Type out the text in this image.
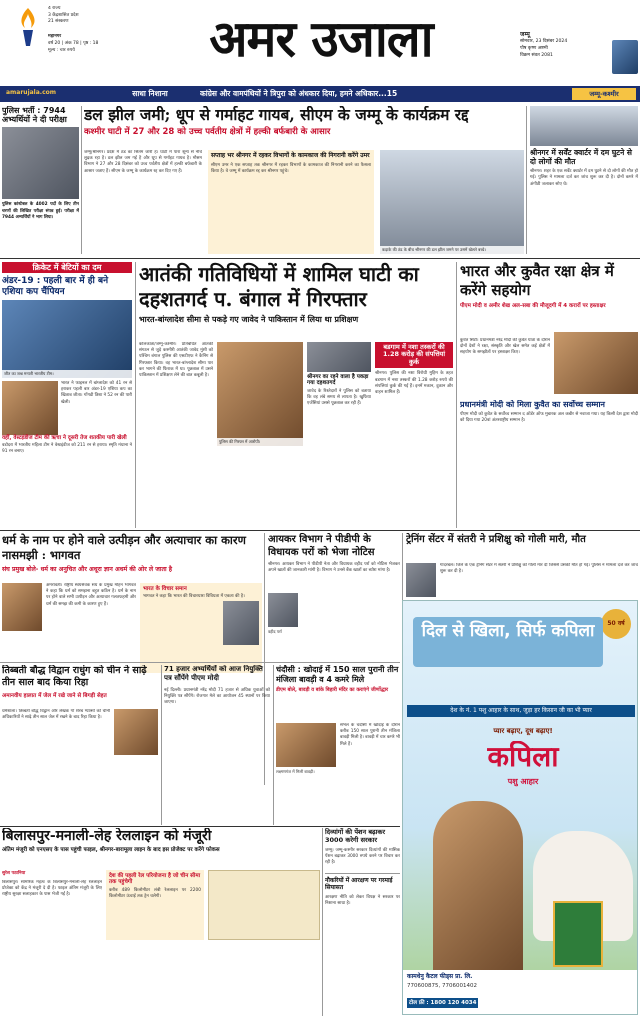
4 राज्य
3 केंद्रशासित प्रदेश
21 संस्करण
महानगर
वर्ष 20 | अंक 78 | पृष्ठ : 18
मूल्य : चार रुपये	अमर उजाला	जम्मू
सोमवार, 23 दिसंबर 2024
पौष कृष्ण अष्टमी
विक्रम संवत 2081
amarujala.com	साधा निशाना	कांग्रेस और वामपंथियों ने त्रिपुरा को अंधकार दिया, हमने अधिकार...15	जम्मू-कश्मीर
पुलिस भर्ती : 7944 अभ्यर्थियों ने दी परीक्षा
पुलिस कांस्टेबल के 4002 पदों के लिए तीन चरणों की लिखित परीक्षा संपन्न हुई। परीक्षा में 7944 अभ्यर्थियों ने भाग लिया।
डल झील जमी; धूप से गर्माहट गायब, सीएम के जम्मू के कार्यक्रम रद्द
कश्मीर घाटी में 27 और 28 को उच्च पर्वतीय क्षेत्रों में हल्की बर्फबारी के आसार
जम्मू/श्रीनगर। प्रदेश में ठंड का सितम जारी है। घाटी में पारा शून्य से नीचे लुढ़क रहा है। डल झील जम गई है और धूप से गर्माहट गायब है। मौसम विभाग ने 27 और 28 दिसंबर को उच्च पर्वतीय क्षेत्रों में हल्की बर्फबारी के आसार जताए हैं। सीएम के जम्मू के कार्यक्रम रद्द कर दिए गए हैं।
सप्ताह भर श्रीनगर में रहकर विभागों के कामकाज की निगरानी करेंगे उमर
सीएम उमर ने एक सप्ताह तक श्रीनगर में रहकर विभागों के कामकाज की निगरानी करने का फैसला किया है। वे जम्मू में कार्यक्रम रद्द कर श्रीनगर पहुंचे।
कड़ाके की ठंड के बीच श्रीनगर की डल झील जमने पर उसमें खेलते बच्चे।
श्रीनगर में सर्वेंट क्वार्टर में दम घुटने से दो लोगों की मौत
श्रीनगर। शहर के एक सर्वेंट क्वार्टर में दम घुटने से दो लोगों की मौत हो गई। पुलिस ने मामला दर्ज कर जांच शुरू कर दी है। दोनों कमरे में अंगीठी जलाकर सोए थे।
क्रिकेट में बेटियों का दम
अंडर-19 : पहली बार में ही बने एशिया कप चैंपियन
जीत का जश्न मनाती भारतीय टीम।
भारत ने फाइनल में बांग्लादेश को 41 रन से हराकर पहली बार अंडर-19 एशिया कप का खिताब जीता। गोंगडी त्रिशा ने 52 रन की पारी खेली।
वहीं, वेस्टइंडीज टीम की ऋचा ने दूसरी तेज शतकीय पारी खेली
वडोदरा में भारतीय महिला टीम ने वेस्टइंडीज को 211 रन से हराया। स्मृति मंधाना ने 91 रन बनाए।
आतंकी गतिविधियों में शामिल घाटी का दहशतगर्द प. बंगाल में गिरफ्तार
भारत-बांग्लादेश सीमा से पकड़े गए जावेद ने पाकिस्तान में लिया था प्रशिक्षण
कोलकाता/जम्मू-कश्मीर। प्रतिबंधित आतंकी संगठन से जुड़े कश्मीरी आतंकी जावेद मुंशी को पश्चिम बंगाल पुलिस की एसटीएफ ने कैनिंग से गिरफ्तार किया। वह भारत-बांग्लादेश सीमा पार कर भागने की फिराक में था। पूछताछ में उसने पाकिस्तान में प्रशिक्षण लेने की बात कबूली है।
पुलिस की गिरफ्त में आरोपी।
श्रीनगर का रहने वाला है पकड़ा गया दहशतगर्द
जावेद के रिश्तेदारों ने पुलिस को बताया कि वह लंबे समय से लापता है। खुफिया एजेंसियां उससे पूछताछ कर रही हैं।
बडगाम में नशा तस्करों की 1.28 करोड़ की संपत्तियां कुर्क
श्रीनगर। पुलिस की नशा विरोधी मुहिम के तहत बडगाम में नशा तस्करों की 1.28 करोड़ रुपये की संपत्तियां कुर्क की गई हैं। इनमें मकान, दुकान और वाहन शामिल हैं।
भारत और कुवैत रक्षा क्षेत्र में करेंगे सहयोग
पीएम मोदी व अमीर शेख अल-सबा की मौजूदगी में 4 करारों पर हस्ताक्षर
कुवैत सिटी। प्रधानमंत्री नरेंद्र मोदी की कुवैत यात्रा के दौरान दोनों देशों ने रक्षा, संस्कृति और खेल समेत कई क्षेत्रों में सहयोग के समझौतों पर हस्ताक्षर किए।
प्रधानमंत्री मोदी को मिला कुवैत का सर्वोच्च सम्मान
पीएम मोदी को कुवैत के सर्वोच्च सम्मान द ऑर्डर ऑफ मुबारक अल कबीर से नवाजा गया। यह किसी देश द्वारा मोदी को दिया गया 20वां अंतरराष्ट्रीय सम्मान है।
धर्म के नाम पर होने वाले उत्पीड़न और अत्याचार का कारण नासमझी : भागवत
संघ प्रमुख बोले- धर्म का अनुचित और अधूरा ज्ञान अधर्म की ओर ले जाता है
अमरावती। राष्ट्रीय स्वयंसेवक संघ के प्रमुख मोहन भागवत ने कहा कि धर्म को समझना बहुत कठिन है। धर्म के नाम पर होने वाले सभी उत्पीड़न और अत्याचार गलतफहमी और धर्म की समझ की कमी के कारण हुए हैं।
भारत के विचार समान
भागवत ने कहा कि भारत की विचारधारा विविधता में एकता की है।
आयकर विभाग ने पीडीपी के विधायक परों को भेजा नोटिस
श्रीनगर। आयकर विभाग ने पीडीपी नेता और विधायक वहीद पर्रा को नोटिस भेजकर अपने खातों की जानकारी मांगी है। विभाग ने उनसे बैंक खातों का ब्योरा मांगा है।
वहीद पर्रा
ट्रेनिंग सेंटर में संतरी ने प्रशिक्षु को गोली मारी, मौत
गांदरबल। जिले के एक ट्रेनिंग सेंटर में संतरी ने प्रशिक्षु को गोली मार दी जिससे उसकी मौत हो गई। पुलिस ने मामला दर्ज कर जांच शुरू कर दी है।
50 वर्ष
दिल से खिला, सिर्फ कपिला
देश के नं. 1 पशु आहार के साथ, जुड़ा हर किसान जी का भी प्यार
प्यार बढ़ाए, दूध बढ़ाए!
कपिला
पशु आहार
कामधेनु कैटल फीड्स प्रा. लि.
770600875, 7706001402
टोल फ्री : 1800 120 4034
तिब्बती बौद्ध विद्वान राधुंग को चीन ने साढ़े तीन साल बाद किया रिहा
अमानवीय हालात में जेल में रखे जाने से बिगड़ी सेहत
धर्मशाला। तिब्बती बौद्ध विद्वान और लेखक गो शेरब ग्यात्सो को चीनी अधिकारियों ने साढ़े तीन साल जेल में रखने के बाद रिहा किया है।
71 हजार अभ्यर्थियों को आज नियुक्ति पत्र सौंपेंगे पीएम मोदी
नई दिल्ली। प्रधानमंत्री नरेंद्र मोदी 71 हजार से अधिक युवाओं को नियुक्ति पत्र सौंपेंगे। रोजगार मेले का आयोजन 45 स्थानों पर किया जाएगा।
चंदौसी : खोदाई में 150 साल पुरानी तीन मंजिला बावड़ी व 4 कमरे मिले
डीएम बोले, बावड़ी व बांके बिहारी मंदिर का कराएंगे जीर्णोद्धार
लक्ष्मणगंज में मिली बावड़ी।
संभल के चंदौसी में खोदाई के दौरान करीब 150 साल पुरानी तीन मंजिला बावड़ी मिली है। बावड़ी में चार कमरे भी मिले हैं।
बिलासपुर-मनाली-लेह रेललाइन को मंजूरी
अंतिम मंजूरी को एनएसए के पास पहुंची फाइल, श्रीनगर-बारामूला लाइन के बाद इस प्रोजेक्ट पर करेंगे फोकस
सुरेश पठानिया
बिलासपुर। सामरिक महत्व के बिलासपुर-मनाली-लेह रेललाइन प्रोजेक्ट को केंद्र ने मंजूरी दे दी है। फाइल अंतिम मंजूरी के लिए राष्ट्रीय सुरक्षा सलाहकार के पास भेजी गई है।
देश की पहली रेल परियोजना है जो चीन सीमा तक पहुंचेगी
करीब 489 किलोमीटर लंबी रेललाइन पर 2200 किलोमीटर ऊंचाई तक ट्रेन चलेगी।
दिव्यांगों की पेंशन बढ़ाकर 3000 करेगी सरकार
जम्मू। जम्मू-कश्मीर सरकार दिव्यांगों की मासिक पेंशन बढ़ाकर 3000 रुपये करने पर विचार कर रही है।
नौकरियों में आरक्षण पर गरमाई सियासत
आरक्षण नीति को लेकर विपक्ष ने सरकार पर निशाना साधा है।
